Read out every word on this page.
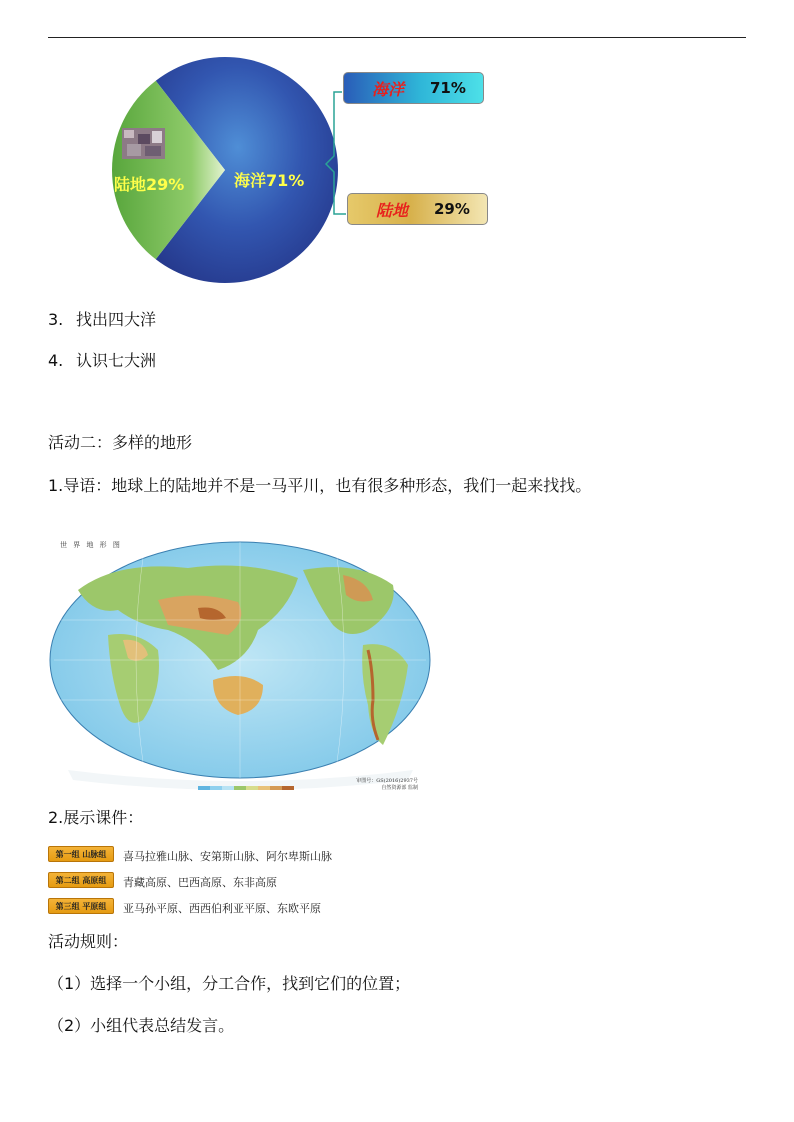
陆地29%	海洋71%
海洋	71%
陆地	29%
3. 找出四大洋
4. 认识七大洲
活动二：多样的地形
1.导语：地球上的陆地并不是一马平川，也有很多种形态，我们一起来找找。
世 界 地 形 图
审图号：GS(2016)2937号
自然资源部 监制
2.展示课件：
第一组 山脉组	喜马拉雅山脉、安第斯山脉、阿尔卑斯山脉
第二组 高原组	青藏高原、巴西高原、东非高原
第三组 平原组	亚马孙平原、西西伯利亚平原、东欧平原
活动规则：
（1）选择一个小组，分工合作，找到它们的位置；
（2）小组代表总结发言。
